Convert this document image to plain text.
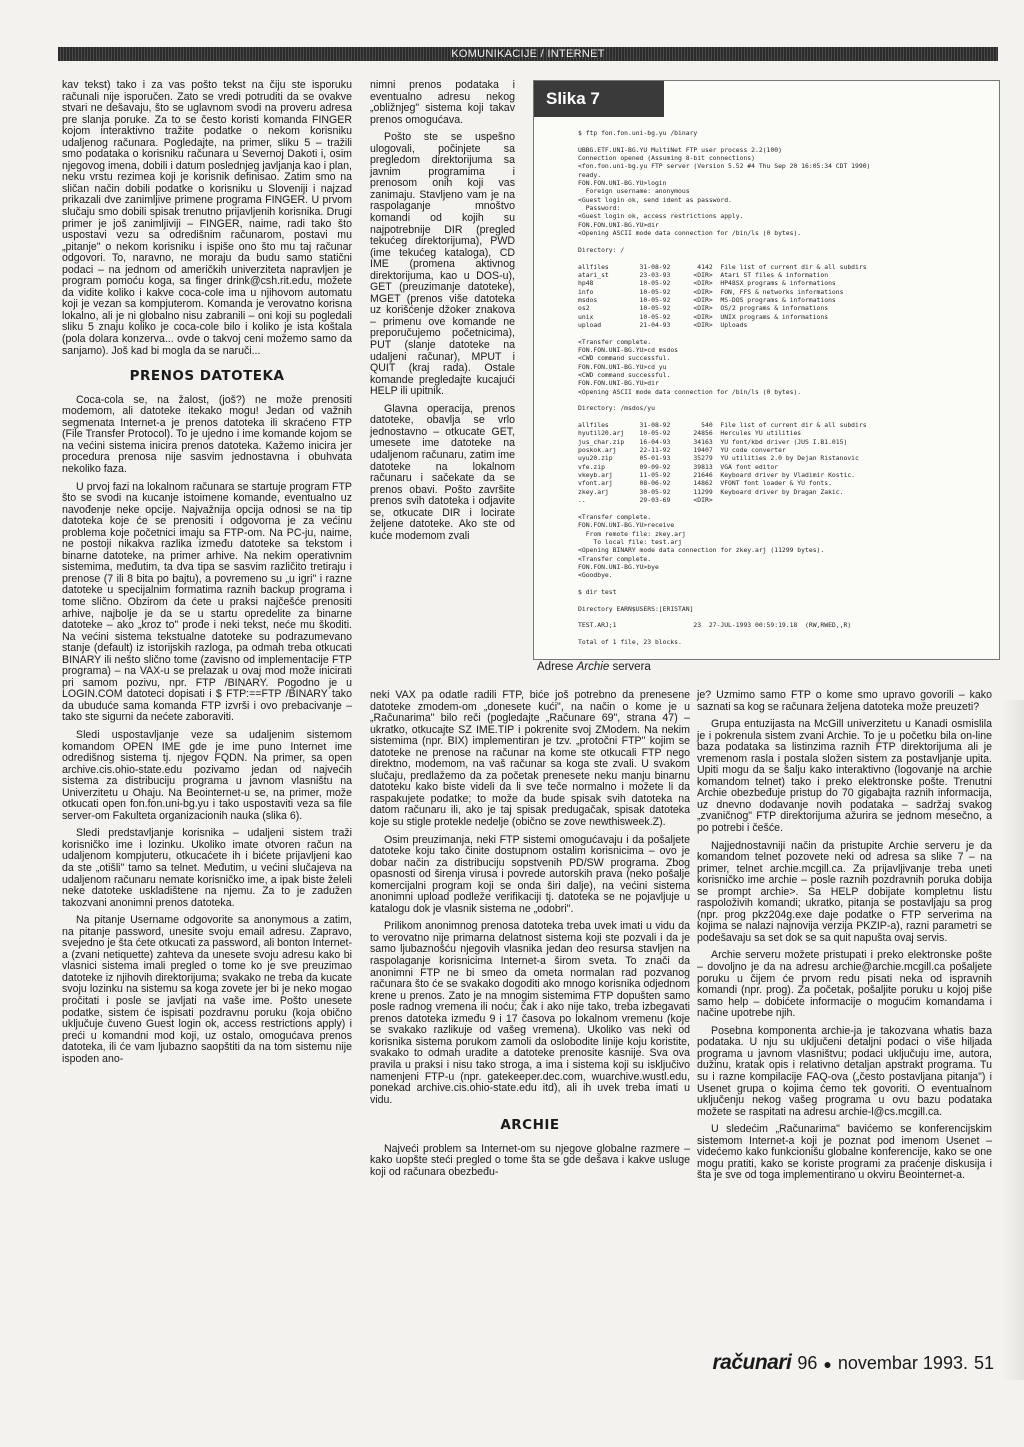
KOMUNIKACIJE / INTERNET

kav tekst) tako i za vas pošto tekst na čiju ste isporuku računali nije isporučen. Zato se vredi potruditi da se ovakve stvari ne dešavaju, što se uglavnom svodi na proveru adresa pre slanja poruke. Za to se često koristi komanda FINGER kojom interaktivno tražite podatke o nekom korisniku udaljenog računara. Pogledajte, na primer, sliku 5 – tražili smo podataka o korisniku računara u Severnoj Dakoti i, osim njegovog imena, dobili i datum poslednjeg javljanja kao i plan, neku vrstu rezimea koji je korisnik definisao. Zatim smo na sličan način dobili podatke o korisniku u Sloveniji i najzad prikazali dve zanimljive primene programa FINGER. U prvom slučaju smo dobili spisak trenutno prijavljenih korisnika. Drugi primer je još zanimljiviji – FINGER, naime, radi tako što uspostavi vezu sa odredišnim računarom, postavi mu „pitanje" o nekom korisniku i ispiše ono što mu taj računar odgovori. To, naravno, ne moraju da budu samo statični podaci – na jednom od američkih univerziteta napravljen je program pomoću koga, sa finger drink@csh.rit.edu, možete da vidite koliko i kakve coca-cole ima u njihovom automatu koji je vezan sa kompjuterom. Komanda je verovatno korisna lokalno, ali je ni globalno nisu zabranili – oni koji su pogledali sliku 5 znaju koliko je coca-cole bilo i koliko je ista koštala (pola dolara konzerva... ovde o takvoj ceni možemo samo da sanjamo). Još kad bi mogla da se naruči...

PRENOS DATOTEKA

Coca-cola se, na žalost, (još?) ne može prenositi modemom, ali datoteke itekako mogu! Jedan od važnih segmenata Internet-a je prenos datoteka ili skraćeno FTP (File Transfer Protocol). To je ujedno i ime komande kojom se na većini sistema inicira prenos datoteka. Kažemo inicira jer procedura prenosa nije sasvim jednostavna i obuhvata nekoliko faza.

U prvoj fazi na lokalnom računara se startuje program FTP što se svodi na kucanje istoimene komande, eventualno uz navođenje neke opcije. Najvažnija opcija odnosi se na tip datoteka koje će se prenositi i odgovorna je za većinu problema koje početnici imaju sa FTP-om. Na PC-ju, naime, ne postoji nikakva razlika između datoteke sa tekstom i binarne datoteke, na primer arhive. Na nekim operativnim sistemima, međutim, ta dva tipa se sasvim različito tretiraju i prenose (7 ili 8 bita po bajtu), a povremeno su „u igri" i razne datoteke u specijalnim formatima raznih backup programa i tome slično. Obzirom da ćete u praksi najčešće prenositi arhive, najbolje je da se u startu opredelite za binarne datoteke – ako „kroz to" prođe i neki tekst, neće mu škoditi. Na većini sistema tekstualne datoteke su podrazumevano stanje (default) iz istorijskih razloga, pa odmah treba otkucati BINARY ili nešto slično tome (zavisno od implementacije FTP programa) – na VAX-u se prelazak u ovaj mod može inicirati pri samom pozivu, npr. FTP /BINARY. Pogodno je u LOGIN.COM datoteci dopisati i $ FTP:==FTP /BINARY tako da ubuduće sama komanda FTP izvrši i ovo prebacivanje – tako ste sigurni da nećete zaboraviti.

Sledi uspostavljanje veze sa udaljenim sistemom komandom OPEN IME gde je ime puno Internet ime odredišnog sistema tj. njegov FQDN. Na primer, sa open archive.cis.ohio-state.edu pozivamo jedan od najvećih sistema za distribuciju programa u javnom vlasništu na Univerzitetu u Ohaju. Na Beointernet-u se, na primer, može otkucati open fon.fon.uni-bg.yu i tako uspostaviti veza sa file server-om Fakulteta organizacionih nauka (slika 6).

Sledi predstavljanje korisnika – udaljeni sistem traži korisničko ime i lozinku. Ukoliko imate otvoren račun na udaljenom kompjuteru, otkucaćete ih i bićete prijavljeni kao da ste „otišli" tamo sa telnet. Međutim, u većini slučajeva na udaljenom računaru nemate korisničko ime, a ipak biste želeli neke datoteke uskladištene na njemu. Za to je zadužen takozvani anonimni prenos datoteka.

Na pitanje Username odgovorite sa anonymous a zatim, na pitanje password, unesite svoju email adresu. Zapravo, svejedno je šta ćete otkucati za password, ali bonton Internet-a (zvani netiquette) zahteva da unesete svoju adresu kako bi vlasnici sistema imali pregled o tome ko je sve preuzimao datoteke iz njihovih direktorijuma; svakako ne treba da kucate svoju lozinku na sistemu sa koga zovete jer bi je neko mogao pročitati i posle se javljati na vaše ime. Pošto unesete podatke, sistem će ispisati pozdravnu poruku (koja obično uključuje čuveno Guest login ok, access restrictions apply) i preći u komandni mod koji, uz ostalo, omogućava prenos datoteka, ili će vam ljubazno saopštiti da na tom sistemu nije ispoden ano-

nimni prenos podataka i eventualno adresu nekog „obližnjeg" sistema koji takav prenos omogućava.

Pošto ste se uspešno ulogovali, počinjete sa pregledom direktorijuma sa javnim programima i prenosom onih koji vas zanimaju. Stavljeno vam je na raspolaganje mnoštvo komandi od kojih su najpotrebnije DIR (pregled tekućeg direktorijuma), PWD (ime tekućeg kataloga), CD IME (promena aktivnog direktorijuma, kao u DOS-u), GET (preuzimanje datoteke), MGET (prenos više datoteka uz korišćenje džoker znakova – primenu ove komande ne preporučujemo početnicima), PUT (slanje datoteke na udaljeni računar), MPUT i QUIT (kraj rada). Ostale komande pregledajte kucajući HELP ili upitnik.

Glavna operacija, prenos datoteke, obavlja se vrlo jednostavno – otkucate GET, umesete ime datoteke na udaljenom računaru, zatim ime datoteke na lokalnom računaru i sačekate da se prenos obavi. Pošto završite prenos svih datoteka i odjavite se, otkucate DIR i locirate željene datoteke. Ako ste od kuće modemom zvali

Slika 7
$ ftp fon.fon.uni-bg.yu /binary

UBBG.ETF.UNI-BG.YU MultiNet FTP user process 2.2(100)
Connection opened (Assuming 8-bit connections)
<fon.fon.uni-bg.yu FTP server (Version 5.52 #4 Thu Sep 20 16:05:34 CDT 1990)
ready.
FON.FON.UNI-BG.YU>login
Foreign username: anonymous
<Guest login ok, send ident as password.
Password:
<Guest login ok, access restrictions apply.
FON.FON.UNI-BG.YU>dir
<Opening ASCII mode data connection for /bin/ls (0 bytes).

Directory: /

allfiles        31-08-92       4142  File list of current dir & all subdirs
atari_st        23-03-93      <DIR>  Atari ST files & information
hp48            10-05-92      <DIR>  HP48SX programs & informations
info            10-05-92      <DIR>  FON, FFS & networks informations
msdos           10-05-92      <DIR>  MS-DOS programs & informations
os2             10-05-92      <DIR>  OS/2 programs & informations
unix            10-05-92      <DIR>  UNIX programs & informations
upload          21-04-93      <DIR>  Uploads

<Transfer complete.
FON.FON.UNI-BG.YU>cd msdos
<CWD command successful.
FON.FON.UNI-BG.YU>cd yu
<CWD command successful.
FON.FON.UNI-BG.YU>dir
<Opening ASCII mode data connection for /bin/ls (0 bytes).

Directory: /msdos/yu

allfiles        31-08-92        540  File list of current dir & all subdirs
hyutil20.arj    10-05-92      24856  Hercules YU utilities
jus_char.zip    16-04-93      34163  YU font/kbd driver (JUS I.B1.015)
poskok.arj      22-11-92      19407  YU code converter
uyu20.zip       05-01-93      35279  YU utilities 2.0 by Dejan Ristanovic
vfe.zip         09-09-92      39813  VGA font editor
vkeyb.arj       11-05-92      21646  Keyboard driver by Vladimir Kostic.
vfont.arj       08-06-92      14862  VFONT font loader & YU fonts.
zkey.arj        30-05-92      11299  Keyboard driver by Dragan Zakic.
..              29-03-69      <DIR>

<Transfer complete.
FON.FON.UNI-BG.YU>receive
From remote file: zkey.arj
To local file: test.arj
<Opening BINARY mode data connection for zkey.arj (11299 bytes).
<Transfer complete.
FON.FON.UNI-BG.YU>bye
<Goodbye.

$ dir test

Directory EARN$USERS:[ERISTAN]

TEST.ARJ;1                    23  27-JUL-1993 00:59:19.18  (RW,RWED,,R)

Total of 1 file, 23 blocks.
Adrese Archie servera

neki VAX pa odatle radili FTP, biće još potrebno da prenesene datoteke zmodem-om „donesete kući", na način o kome je u „Računarima" bilo reči (pogledajte „Računare 69", strana 47) – ukratko, otkucajte SZ IME.TIP i pokrenite svoj ZModem. Na nekim sistemima (npr. BIX) implementiran je tzv. „protočni FTP" kojim se datoteke ne prenose na računar na kome ste otkucali FTP nego direktno, modemom, na vaš računar sa koga ste zvali. U svakom slučaju, predlažemo da za početak prenesete neku manju binarnu datoteku kako biste videli da li sve teče normalno i možete li da raspakujete podatke; to može da bude spisak svih datoteka na datom računaru ili, ako je taj spisak predugačak, spisak datoteka koje su stigle protekle nedelje (obično se zove newthisweek.Z).

Osim preuzimanja, neki FTP sistemi omogućavaju i da pošaljete datoteke koju tako činite dostupnom ostalim korisnicima – ovo je dobar način za distribuciju sopstvenih PD/SW programa. Zbog opasnosti od širenja virusa i povrede autorskih prava (neko pošalje komercijalni program koji se onda širi dalje), na većini sistema anonimni upload podleže verifikaciji tj. datoteka se ne pojavljuje u katalogu dok je vlasnik sistema ne „odobri".

Prilikom anonimnog prenosa datoteka treba uvek imati u vidu da to verovatno nije primarna delatnost sistema koji ste pozvali i da je samo ljubaznošću njegovih vlasnika jedan deo resursa stavljen na raspolaganje korisnicima Internet-a širom sveta. To znači da anonimni FTP ne bi smeo da ometa normalan rad pozvanog računara što će se svakako dogoditi ako mnogo korisnika odjednom krene u prenos. Zato je na mnogim sistemima FTP dopušten samo posle radnog vremena ili noću; čak i ako nije tako, treba izbegavati prenos datoteka između 9 i 17 časova po lokalnom vremenu (koje se svakako razlikuje od vašeg vremena). Ukoliko vas neki od korisnika sistema porukom zamoli da oslobodite linije koju koristite, svakako to odmah uradite a datoteke prenosite kasnije. Sva ova pravila u praksi i nisu tako stroga, a ima i sistema koji su isključivo namenjeni FTP-u (npr. gatekeeper.dec.com, wuarchive.wustl.edu, ponekad archive.cis.ohio-state.edu itd), ali ih uvek treba imati u vidu.

ARCHIE

Najveći problem sa Internet-om su njegove globalne razmere – kako uopšte steći pregled o tome šta se gde dešava i kakve usluge koji od računara obezbeđu-

je? Uzmimo samo FTP o kome smo upravo govorili – kako saznati sa kog se računara željena datoteka može preuzeti?

Grupa entuzijasta na McGill univerzitetu u Kanadi osmislila je i pokrenula sistem zvani Archie. To je u početku bila on-line baza podataka sa listinzima raznih FTP direktorijuma ali je vremenom rasla i postala složen sistem za postavljanje upita. Upiti mogu da se šalju kako interaktivno (logovanje na archie komandom telnet) tako i preko elektronske pošte. Trenutni Archie obezbeđuje pristup do 70 gigabajta raznih informacija, uz dnevno dodavanje novih podataka – sadržaj svakog „zvaničnog" FTP direktorijuma ažurira se jednom mesečno, a po potrebi i češće.

Najjednostavniji način da pristupite Archie serveru je da komandom telnet pozovete neki od adresa sa slike 7 – na primer, telnet archie.mcgill.ca. Za prijavljivanje treba uneti korisničko ime archie – posle raznih pozdravnih poruka dobija se prompt archie>. Sa HELP dobijate kompletnu listu raspoloživih komandi; ukratko, pitanja se postavljaju sa prog (npr. prog pkz204g.exe daje podatke o FTP serverima na kojima se nalazi najnovija verzija PKZIP-a), razni parametri se podešavaju sa set dok se sa quit napušta ovaj servis.

Archie serveru možete pristupati i preko elektronske pošte – dovoljno je da na adresu archie@archie.mcgill.ca pošaljete poruku u čijem će prvom redu pisati neka od ispravnih komandi (npr. prog). Za početak, pošaljite poruku u kojoj piše samo help – dobićete informacije o mogućim komandama i načine upotrebe njih.

Posebna komponenta archie-ja je takozvana whatis baza podataka. U nju su uključeni detaljni podaci o više hiljada programa u javnom vlasništvu; podaci uključuju ime, autora, dužinu, kratak opis i relativno detaljan apstrakt programa. Tu su i razne kompilacije FAQ-ova („često postavljana pitanja") i Usenet grupa o kojima ćemo tek govoriti. O eventualnom uključenju nekog vašeg programa u ovu bazu podataka možete se raspitati na adresu archie-l@cs.mcgill.ca.

U sledećim „Računarima" bavićemo se konferencijskim sistemom Internet-a koji je poznat pod imenom Usenet – videćemo kako funkcionišu globalne konferencije, kako se one mogu pratiti, kako se koriste programi za praćenje diskusija i šta je sve od toga implementirano u okviru Beointernet-a.

računari 96 ● novembar 1993. 51
